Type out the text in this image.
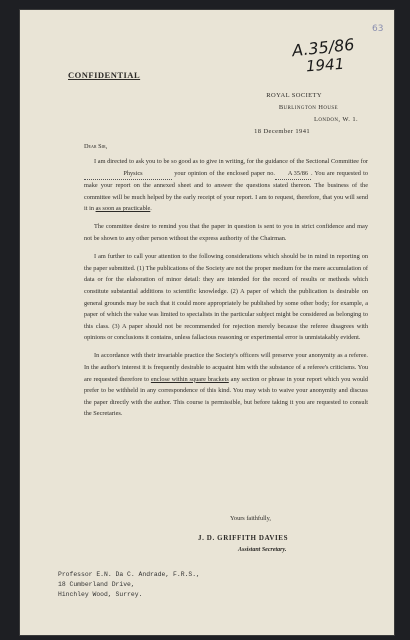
A.35/86
1941
63
CONFIDENTIAL
ROYAL SOCIETY
Burlington House
London, W. 1.
18 December 1941
Dear Sir,

I am directed to ask you to be so good as to give in writing, for the guidance of the Sectional Committee for Physics	your opinion of the enclosed paper no. A 35/86 . You are requested to make your report on the annexed sheet and to answer the questions stated thereon. The business of the committee will be much helped by the early receipt of your report. I am to request, therefore, that you will send it in as soon as practicable.

The committee desire to remind you that the paper in question is sent to you in strict confidence and may not be shown to any other person without the express authority of the Chairman.

I am further to call your attention to the following considerations which should be in mind in reporting on the paper submitted. (1) The publications of the Society are not the proper medium for the mere accumulation of data or for the elaboration of minor detail: they are intended for the record of results or methods which constitute substantial additions to scientific knowledge. (2) A paper of which the publication is desirable on general grounds may be such that it could more appropriately be published by some other body; for example, a paper of which the value was limited to specialists in the particular subject might be considered as belonging to this class. (3) A paper should not be recommended for rejection merely because the referee disagrees with opinions or conclusions it contains, unless fallacious reasoning or experimental error is unmistakably evident.

In accordance with their invariable practice the Society's officers will preserve your anonymity as a referee. In the author's interest it is frequently desirable to acquaint him with the substance of a referee's criticisms. You are requested therefore to enclose within square brackets any section or phrase in your report which you would prefer to be withheld in any correspondence of this kind. You may wish to waive your anonymity and discuss the paper directly with the author. This course is permissible, but before taking it you are requested to consult the Secretaries.

Yours faithfully,
J. D. GRIFFITH DAVIES
Assistant Secretary.
Professor E.N. Da C. Andrade, F.R.S.,
18 Cumberland Drive,
Hinchley Wood, Surrey.
